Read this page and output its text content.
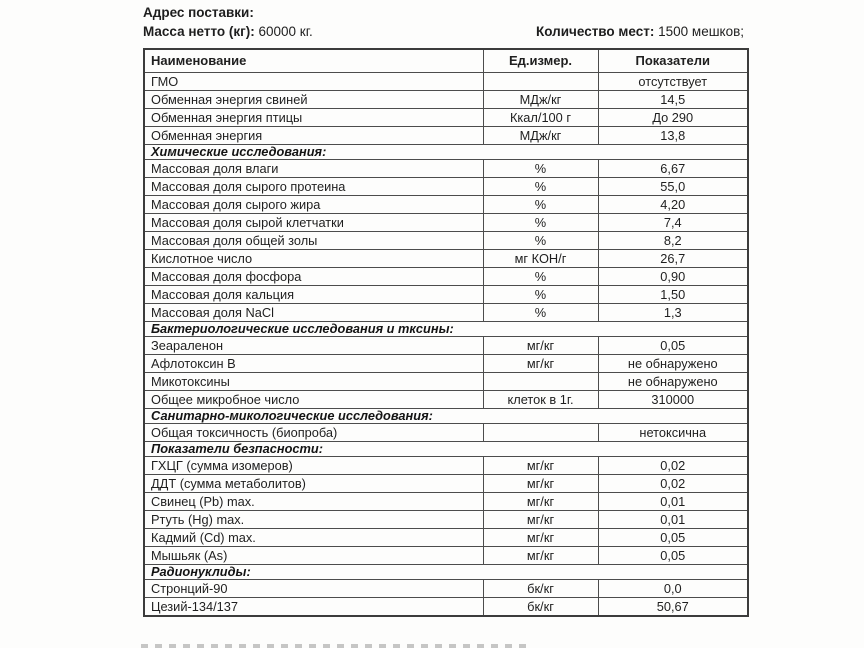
Адрес поставки:
Масса нетто (кг): 60000 кг.	Количество мест: 1500 мешков;
Наименование	Ед.измер.	Показатели
ГМО		отсутствует
Обменная энергия свиней	МДж/кг	14,5
Обменная энергия птицы	Ккал/100 г	До 290
Обменная энергия	МДж/кг	13,8
Химические исследования:		
Массовая доля влаги	%	6,67
Массовая доля сырого протеина	%	55,0
Массовая доля сырого жира	%	4,20
Массовая доля сырой клетчатки	%	7,4
Массовая доля общей золы	%	8,2
Кислотное число	мг КОН/г	26,7
Массовая доля фосфора	%	0,90
Массовая доля кальция	%	1,50
Массовая доля NaCl	%	1,3
Бактериологические исследования и тксины:		
Зеараленон	мг/кг	0,05
Афлотоксин В	мг/кг	не обнаружено
Микотоксины		не обнаружено
Общее микробное число	клеток в 1г.	310000
Санитарно-микологические исследования:		
Общая токсичность (биопроба)		нетоксична
Показатели безпасности:		
ГХЦГ (сумма изомеров)	мг/кг	0,02
ДДТ (сумма метаболитов)	мг/кг	0,02
Свинец (Pb) max.	мг/кг	0,01
Ртуть (Hg) max.	мг/кг	0,01
Кадмий (Cd) max.	мг/кг	0,05
Мышьяк (As)	мг/кг	0,05
Радионуклиды:		
Стронций-90	бк/кг	0,0
Цезий-134/137	бк/кг	50,67
